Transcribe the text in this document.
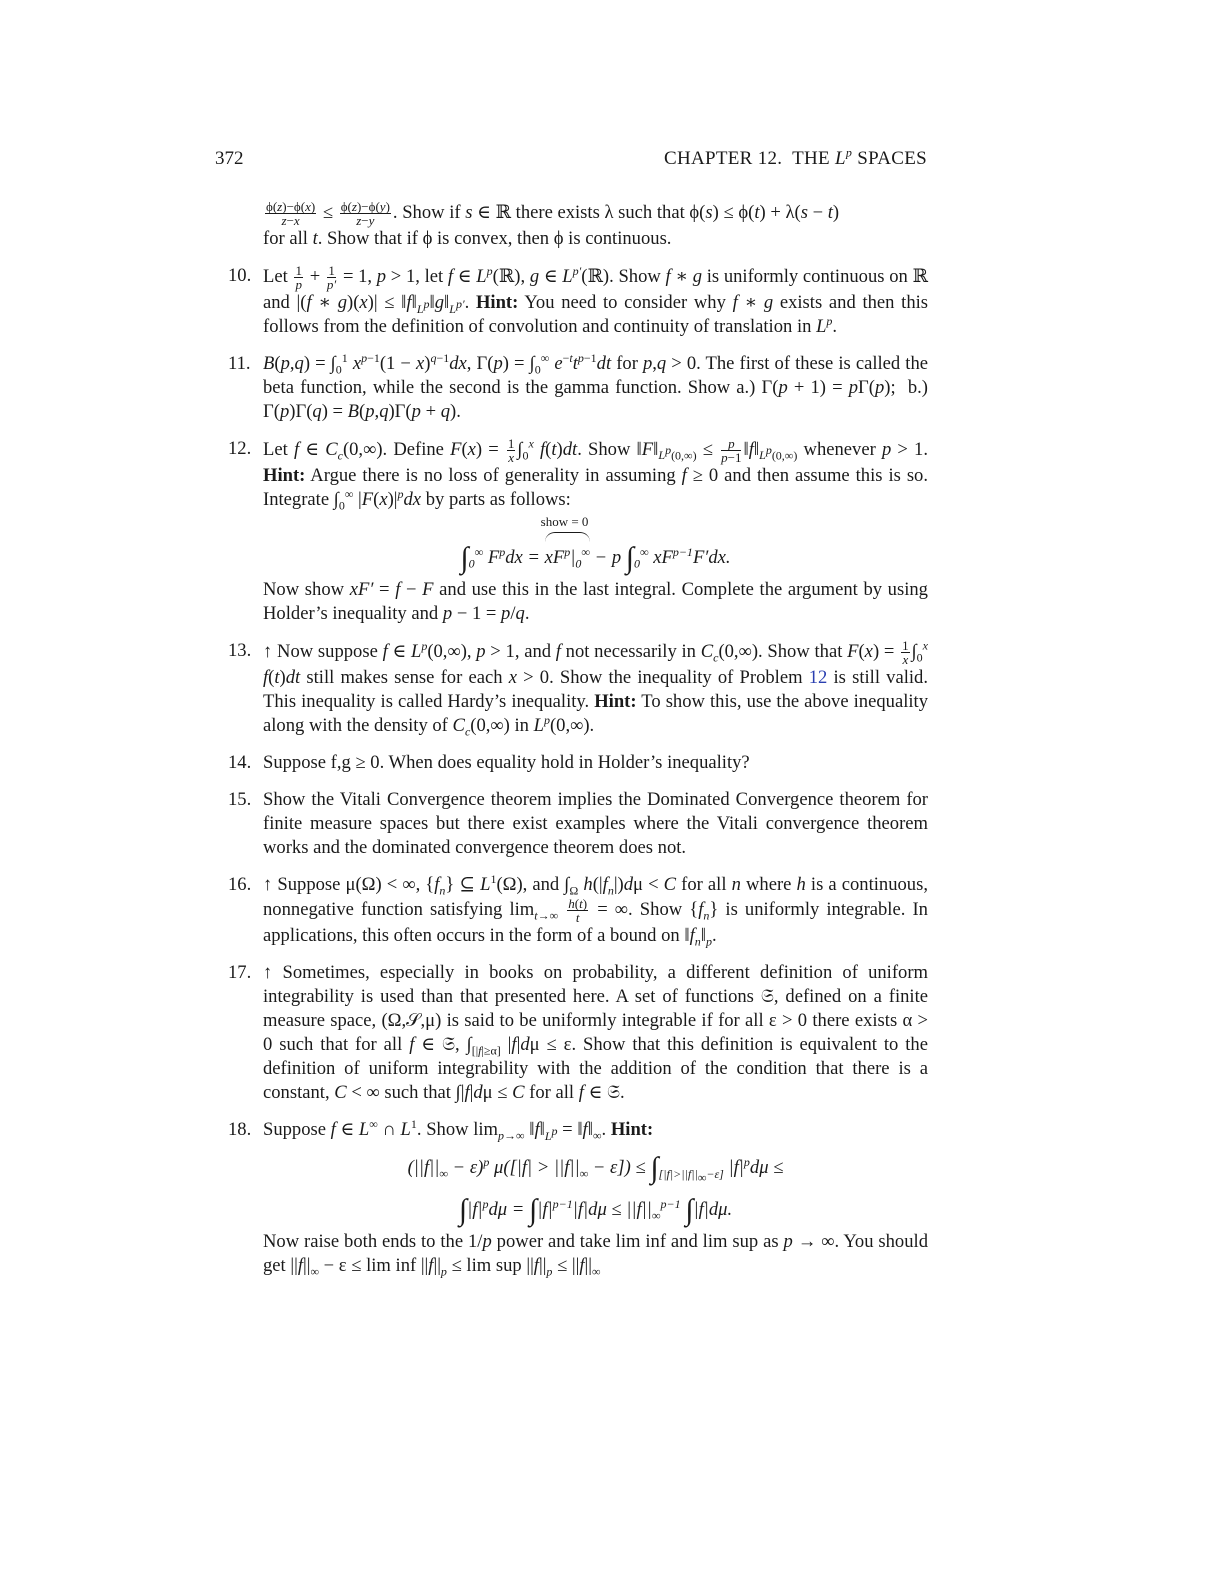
372	CHAPTER 12.  THE $L^p$ SPACES
$\frac{\phi(z)-\phi(x)}{z-x} \le \frac{\phi(z)-\phi(y)}{z-y}$ . Show if s ∈ ℝ there exists λ such that ϕ(s) ≤ ϕ(t) + λ(s − t)
for all t. Show that if ϕ is convex, then ϕ is continuous.
10. Let $\frac{1}{p} + \frac{1}{p'} = 1$, p > 1, let f ∈ $L^p(ℝ)$, g ∈ $L^{p'}(ℝ)$. Show f ∗ g is uniformly continuous on ℝ and |(f ∗ $g)(x)| \le ‖f‖_{L^p}‖g‖_{L^{p'}}$. Hint: You need to consider why f ∗ g exists and then this follows from the definition of convolution and continuity of translation in $L^p$.
11. $B(p,q) = \int_0^1$ $x^{p-1}(1 - x)^{q-1}dx$, $\Gamma(p) = \int_0^\infty$ $e^{-t}t^{p-1}dt$ for p,q > 0. The first of these is called the beta function, while the second is the gamma function. Show a.) Γ(p + 1) = pΓ(p);  b.) Γ(p)Γ(q) = B(p,q)Γ(p + q).
12. Let f ∈ $C_c(0,\infty)$. Define $F(x) = \frac{1}{x} \int_0^x$ f(t)dt. Show $‖F‖_{L^p(0,\infty)} \le \frac{p}{p-1}$ $‖f‖_{L^p(0,\infty)}$ whenever p > 1. Hint: Argue there is no loss of generality in assuming f ≥ 0 and then assume this is so. Integrate $\int_0^\infty$ $|F(x)|^pdx$ by parts as follows:
$\int_0^\infty$ $F^pdx$ =
show = 0
$xF^p|_0^\infty - p$ $\int_0^\infty$ $xF^{p-1}F'dx$.
Now show xF′ = f − F and use this in the last integral. Complete the argument by using Holder’s inequality and p − 1 = p/q.
13. ↑ Now suppose f ∈ $L^p(0,\infty)$, p > 1, and f not necessarily in $C_c(0,\infty)$. Show that $F(x) = \frac{1}{x} \int_0^x$ f(t)dt still makes sense for each x > 0. Show the inequality of Problem 12 is still valid. This inequality is called Hardy’s inequality. Hint: To show this, use the above inequality along with the density of $C_c(0,\infty)$ in $L^p(0,\infty)$.
14. Suppose f,g ≥ 0. When does equality hold in Holder’s inequality?
15. Show the Vitali Convergence theorem implies the Dominated Convergence theorem for finite measure spaces but there exist examples where the Vitali convergence theorem works and the dominated convergence theorem does not.
16. ↑ Suppose μ(Ω) < ∞, $\{f_n\}$ ⊆ $L^1(\Omega)$, and $\int_\Omega$ $h(|f_n|)d\mu < C$ for all n where h is a continuous, nonnegative function satisfying $\lim_{t\to\infty} \frac{h(t)}{t}$ = ∞. Show $\{f_n\}$ is uniformly integrable. In applications, this often occurs in the form of a bound on $‖f_n‖_p$.
17. ↑ Sometimes, especially in books on probability, a different definition of uniform integrability is used than that presented here. A set of functions 𝔖, defined on a finite measure space, (Ω,𝒮,μ) is said to be uniformly integrable if for all ε > 0 there exists α > 0 such that for all f ∈ 𝔖, $\int_{[|f|\ge\alpha]}$ |f|dμ ≤ ε. Show that this definition is equivalent to the definition of uniform integrability with the addition of the condition that there is a constant, C < ∞ such that ∫|f|dμ ≤ C for all f ∈ 𝔖.
18. Suppose f ∈ L∞ ∩ $L^1$. Show $\lim_{p\to\infty}$ $‖f‖_{L^p}$ = $‖f‖_\infty$. Hint:
$(||f||_\infty - \varepsilon)^p$ $\mu([|f| > ||f||_\infty - \varepsilon]) \le \int_{[|f|>||f||_\infty-\varepsilon]}$ $|f|^pd\mu$ ≤
$\int|f|^pd\mu = \int|f|^{p-1}|f|d\mu \le ||f||_\infty^{p-1}$ ∫|f|dμ.
Now raise both ends to the 1/p power and take lim inf and lim sup as p → ∞. You should get $||f||_\infty - \varepsilon \le \lim$ inf $||f||_p \le \lim$ sup $||f||_p \le ||f||_\infty$
